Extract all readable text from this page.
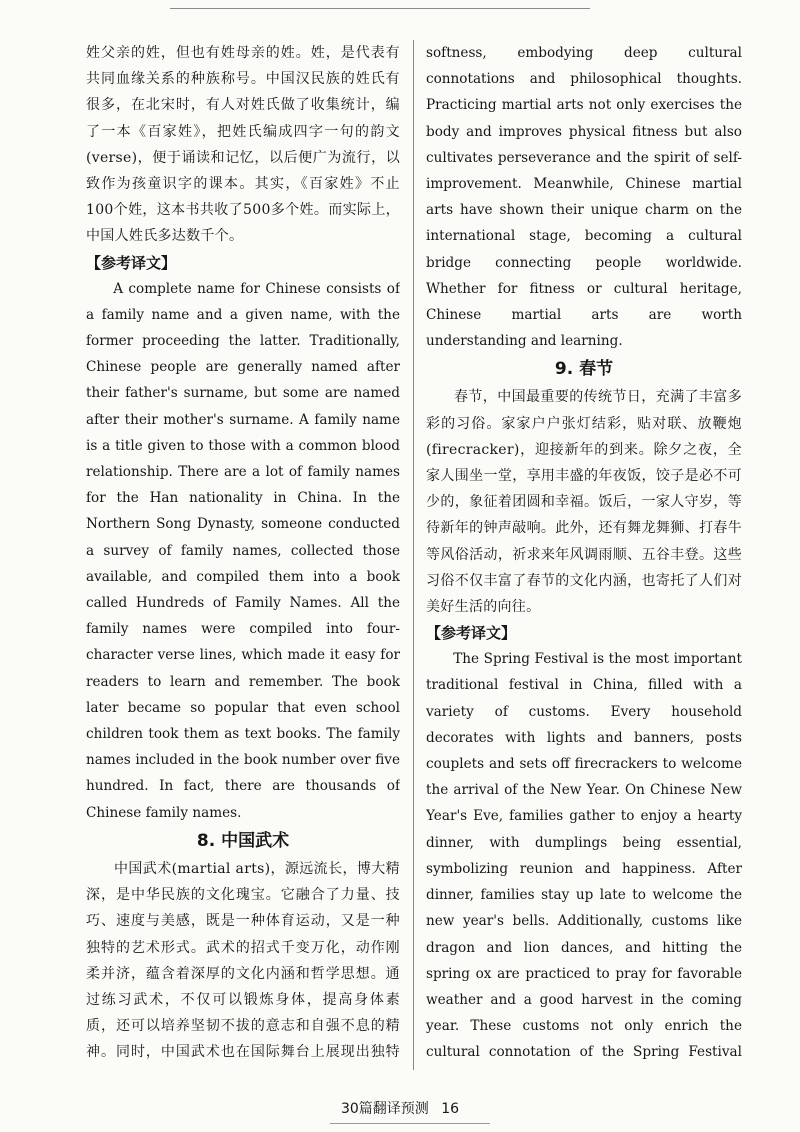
姓父亲的姓，但也有姓母亲的姓。姓，是代表有共同血缘关系的种族称号。中国汉民族的姓氏有很多，在北宋时，有人对姓氏做了收集统计，编了一本《百家姓》，把姓氏编成四字一句的韵文(verse)，便于诵读和记忆，以后便广为流行，以致作为孩童识字的课本。其实，《百家姓》不止100个姓，这本书共收了500多个姓。而实际上，中国人姓氏多达数千个。

【参考译文】

A complete name for Chinese consists of a family name and a given name, with the former proceeding the latter. Traditionally, Chinese people are generally named after their father's surname, but some are named after their mother's surname. A family name is a title given to those with a common blood relationship. There are a lot of family names for the Han nationality in China. In the Northern Song Dynasty, someone conducted a survey of family names, collected those available, and compiled them into a book called Hundreds of Family Names. All the family names were compiled into four-character verse lines, which made it easy for readers to learn and remember. The book later became so popular that even school children took them as text books. The family names included in the book number over five hundred. In fact, there are thousands of Chinese family names.

8. 中国武术

中国武术(martial arts)，源远流长，博大精深，是中华民族的文化瑰宝。它融合了力量、技巧、速度与美感，既是一种体育运动，又是一种独特的艺术形式。武术的招式千变万化，动作刚柔并济，蕴含着深厚的文化内涵和哲学思想。通过练习武术，不仅可以锻炼身体，提高身体素质，还可以培养坚韧不拔的意志和自强不息的精神。同时，中国武术也在国际舞台上展现出独特

softness, embodying deep cultural connotations and philosophical thoughts. Practicing martial arts not only exercises the body and improves physical fitness but also cultivates perseverance and the spirit of self-improvement. Meanwhile, Chinese martial arts have shown their unique charm on the international stage, becoming a cultural bridge connecting people worldwide. Whether for fitness or cultural heritage, Chinese martial arts are worth understanding and learning.

9. 春节

春节，中国最重要的传统节日，充满了丰富多彩的习俗。家家户户张灯结彩，贴对联、放鞭炮(firecracker)，迎接新年的到来。除夕之夜，全家人围坐一堂，享用丰盛的年夜饭，饺子是必不可少的，象征着团圆和幸福。饭后，一家人守岁，等待新年的钟声敲响。此外，还有舞龙舞狮、打春牛等风俗活动，祈求来年风调雨顺、五谷丰登。这些习俗不仅丰富了春节的文化内涵，也寄托了人们对美好生活的向往。

【参考译文】

The Spring Festival is the most important traditional festival in China, filled with a variety of customs. Every household decorates with lights and banners, posts couplets and sets off firecrackers to welcome the arrival of the New Year. On Chinese New Year's Eve, families gather to enjoy a hearty dinner, with dumplings being essential, symbolizing reunion and happiness. After dinner, families stay up late to welcome the new year's bells. Additionally, customs like dragon and lion dances, and hitting the spring ox are practiced to pray for favorable weather and a good harvest in the coming year. These customs not only enrich the cultural connotation of the Spring Festival

30篇翻译预测 16
